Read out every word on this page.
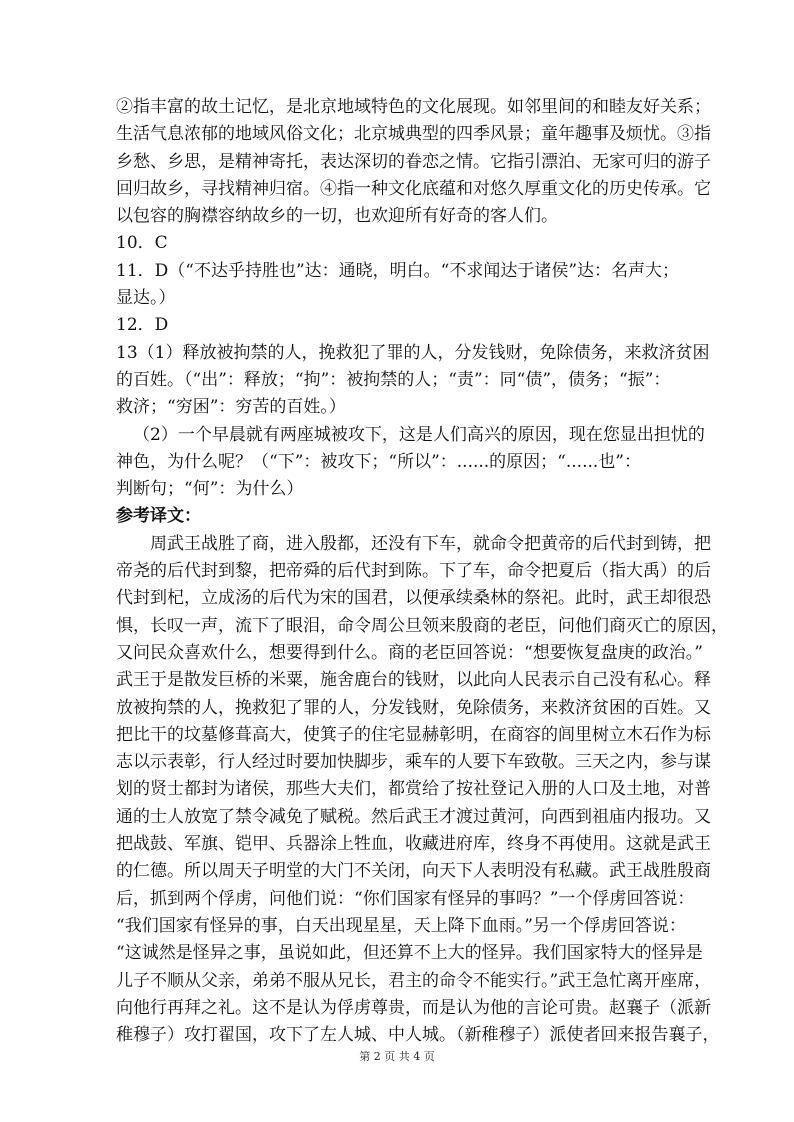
②指丰富的故土记忆，是北京地域特色的文化展现。如邻里间的和睦友好关系；

生活气息浓郁的地域风俗文化；北京城典型的四季风景；童年趣事及烦忧。③指

乡愁、乡思，是精神寄托，表达深切的眷恋之情。它指引漂泊、无家可归的游子

回归故乡，寻找精神归宿。④指一种文化底蕴和对悠久厚重文化的历史传承。它

以包容的胸襟容纳故乡的一切，也欢迎所有好奇的客人们。

10．C

11．D（“不达乎持胜也”达：通晓，明白。“不求闻达于诸侯”达：名声大；

显达。）

12．D

13（1）释放被拘禁的人，挽救犯了罪的人，分发钱财，免除债务，来救济贫困

的百姓。（“出”：释放；“拘”：被拘禁的人；“责”：同“债”，债务；“振”：

救济；“穷困”：穷苦的百姓。）

（2）一个早晨就有两座城被攻下，这是人们高兴的原因，现在您显出担忧的

神色，为什么呢？（“下”：被攻下；“所以”：......的原因；“......也”：

判断句；“何”：为什么）

参考译文：

周武王战胜了商，进入殷都，还没有下车，就命令把黄帝的后代封到铸，把

帝尧的后代封到黎，把帝舜的后代封到陈。下了车，命令把夏后（指大禹）的后

代封到杞，立成汤的后代为宋的国君，以便承续桑林的祭祀。此时，武王却很恐

惧，长叹一声，流下了眼泪，命令周公旦领来殷商的老臣，问他们商灭亡的原因，

又问民众喜欢什么，想要得到什么。商的老臣回答说：“想要恢复盘庚的政治。”

武王于是散发巨桥的米粟，施舍鹿台的钱财，以此向人民表示自己没有私心。释

放被拘禁的人，挽救犯了罪的人，分发钱财，免除债务，来救济贫困的百姓。又

把比干的坟墓修葺高大，使箕子的住宅显赫彰明，在商容的闾里树立木石作为标

志以示表彰，行人经过时要加快脚步，乘车的人要下车致敬。三天之内，参与谋

划的贤士都封为诸侯，那些大夫们，都赏给了按社登记入册的人口及土地，对普

通的士人放宽了禁令减免了赋税。然后武王才渡过黄河，向西到祖庙内报功。又

把战鼓、军旗、铠甲、兵器涂上牲血，收藏进府库，终身不再使用。这就是武王

的仁德。所以周天子明堂的大门不关闭，向天下人表明没有私藏。武王战胜殷商

后，抓到两个俘虏，问他们说：“你们国家有怪异的事吗？”一个俘虏回答说：

“我们国家有怪异的事，白天出现星星，天上降下血雨。”另一个俘虏回答说：

“这诚然是怪异之事，虽说如此，但还算不上大的怪异。我们国家特大的怪异是

儿子不顺从父亲，弟弟不服从兄长，君主的命令不能实行。”武王急忙离开座席，

向他行再拜之礼。这不是认为俘虏尊贵，而是认为他的言论可贵。赵襄子（派新

稚穆子）攻打翟国，攻下了左人城、中人城。（新稚穆子）派使者回来报告襄子，

第 2 页 共 4 页
